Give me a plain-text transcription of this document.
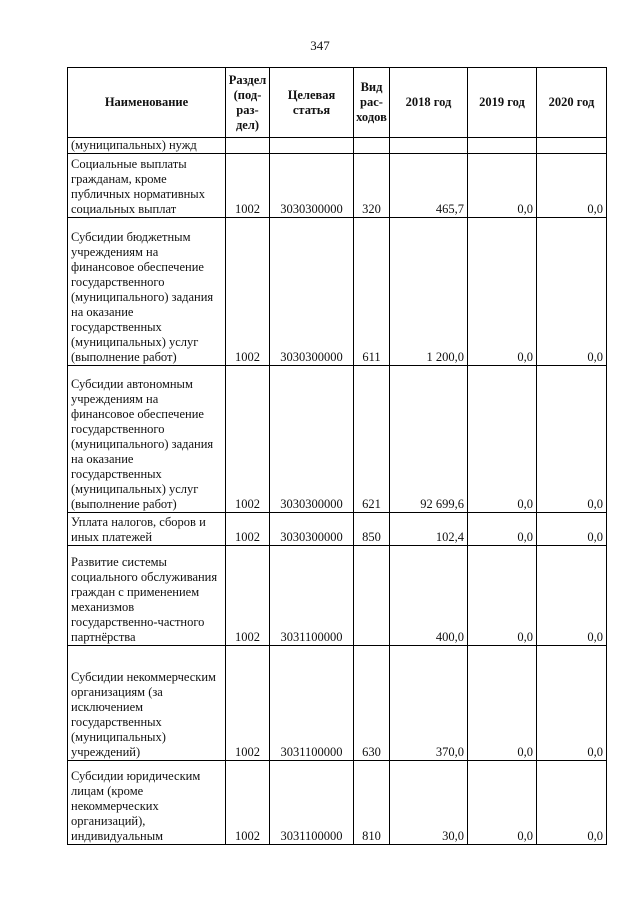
347
Наименование	Раздел (под-раз-дел)	Целевая статья	Вид рас-ходов	2018 год	2019 год	2020 год
(муниципальных) нужд						
Социальные выплаты гражданам, кроме публичных нормативных социальных выплат	1002	3030300000	320	465,7	0,0	0,0
Субсидии бюджетным учреждениям на финансовое обеспечение государственного (муниципального) задания на оказание государственных (муниципальных) услуг (выполнение работ)	1002	3030300000	611	1 200,0	0,0	0,0
Субсидии автономным учреждениям на финансовое обеспечение государственного (муниципального) задания на оказание государственных (муниципальных) услуг (выполнение работ)	1002	3030300000	621	92 699,6	0,0	0,0
Уплата налогов, сборов и иных платежей	1002	3030300000	850	102,4	0,0	0,0
Развитие системы социального обслуживания граждан с применением механизмов государственно-частного партнёрства	1002	3031100000		400,0	0,0	0,0
Субсидии некоммерческим организациям (за исключением государственных (муниципальных) учреждений)	1002	3031100000	630	370,0	0,0	0,0
Субсидии юридическим лицам (кроме некоммерческих организаций), индивидуальным	1002	3031100000	810	30,0	0,0	0,0
